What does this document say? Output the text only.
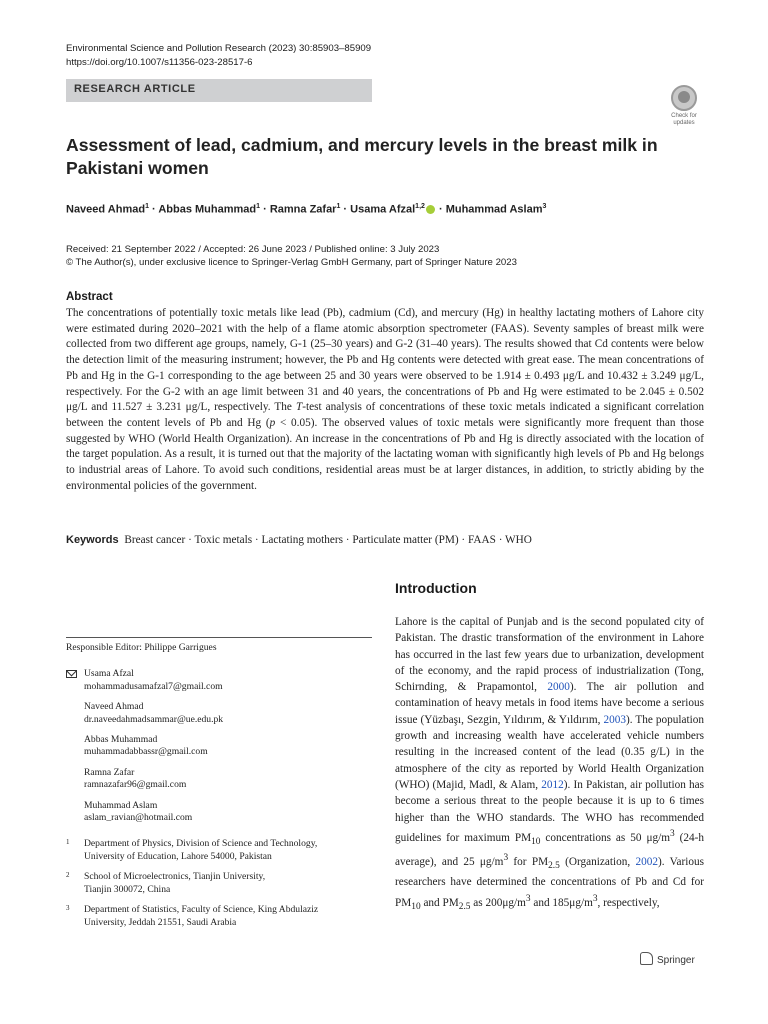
Environmental Science and Pollution Research (2023) 30:85903–85909
https://doi.org/10.1007/s11356-023-28517-6
RESEARCH ARTICLE
Check for updates
Assessment of lead, cadmium, and mercury levels in the breast milk in Pakistani women
Naveed Ahmad$^1$ · Abbas Muhammad$^1$ · Ramna Zafar$^1$ · Usama Afzal$^{1,2}$ · Muhammad Aslam$^3$
Received: 21 September 2022 / Accepted: 26 June 2023 / Published online: 3 July 2023
© The Author(s), under exclusive licence to Springer-Verlag GmbH Germany, part of Springer Nature 2023
Abstract
The concentrations of potentially toxic metals like lead (Pb), cadmium (Cd), and mercury (Hg) in healthy lactating mothers of Lahore city were estimated during 2020–2021 with the help of a flame atomic absorption spectrometer (FAAS). Seventy samples of breast milk were collected from two different age groups, namely, G-1 (25–30 years) and G-2 (31–40 years). The results showed that Cd contents were below the detection limit of the measuring instrument; however, the Pb and Hg contents were detected with great ease. The mean concentrations of Pb and Hg in the G-1 corresponding to the age between 25 and 30 years were observed to be 1.914 ± 0.493 μg/L and 10.432 ± 3.249 μg/L, respectively. For the G-2 with an age limit between 31 and 40 years, the concentrations of Pb and Hg were estimated to be 2.045 ± 0.502 μg/L and 11.527 ± 3.231 μg/L, respectively. The T-test analysis of concentrations of these toxic metals indicated a significant correlation between the content levels of Pb and Hg (p < 0.05). The observed values of toxic metals were significantly more frequent than those suggested by WHO (World Health Organization). An increase in the concentrations of Pb and Hg is directly associated with the location of the target population. As a result, it is turned out that the majority of the lactating woman with significantly high levels of Pb and Hg belongs to industrial areas of Lahore. To avoid such conditions, residential areas must be at larger distances, in addition, to strictly abiding by the environmental policies of the government.
Keywords Breast cancer · Toxic metals · Lactating mothers · Particulate matter (PM) · FAAS · WHO
Introduction
Lahore is the capital of Punjab and is the second populated city of Pakistan. The drastic transformation of the environment in Lahore has occurred in the last few years due to urbanization, development of the economy, and the rapid process of industrialization (Tong, Schirnding, & Prapamontol, 2000). The air pollution and contamination of heavy metals in food items have become a serious issue (Yüzbaşı, Sezgin, Yıldırım, & Yıldırım, 2003). The population growth and increasing wealth have accelerated vehicle numbers resulting in the increased content of the lead (0.35 g/L) in the atmosphere of the city as reported by World Health Organization (WHO) (Majid, Madl, & Alam, 2012). In Pakistan, air pollution has become a serious threat to the people because it is up to 6 times higher than the WHO standards. The WHO has recommended guidelines for maximum $PM_{10}$ concentrations as 50 $\mu g/m^3$ (24-h average), and 25 $\mu g/m^3$ for $PM_{2.5}$ (Organization, 2002). Various researchers have determined the concentrations of Pb and Cd for $PM_{10}$ and $PM_{2.5}$ as $200\mu g/m^3$ and $185\mu g/m^3$, respectively,
Responsible Editor: Philippe Garrigues
Usama Afzal
mohammadusamafzal7@gmail.com
Naveed Ahmad
dr.naveedahmadsammar@ue.edu.pk
Abbas Muhammad
muhammadabbassr@gmail.com
Ramna Zafar
ramnazafar96@gmail.com
Muhammad Aslam
aslam_ravian@hotmail.com
1 Department of Physics, Division of Science and Technology,
University of Education, Lahore 54000, Pakistan
2 School of Microelectronics, Tianjin University,
Tianjin 300072, China
3 Department of Statistics, Faculty of Science, King Abdulaziz
University, Jeddah 21551, Saudi Arabia
Springer
